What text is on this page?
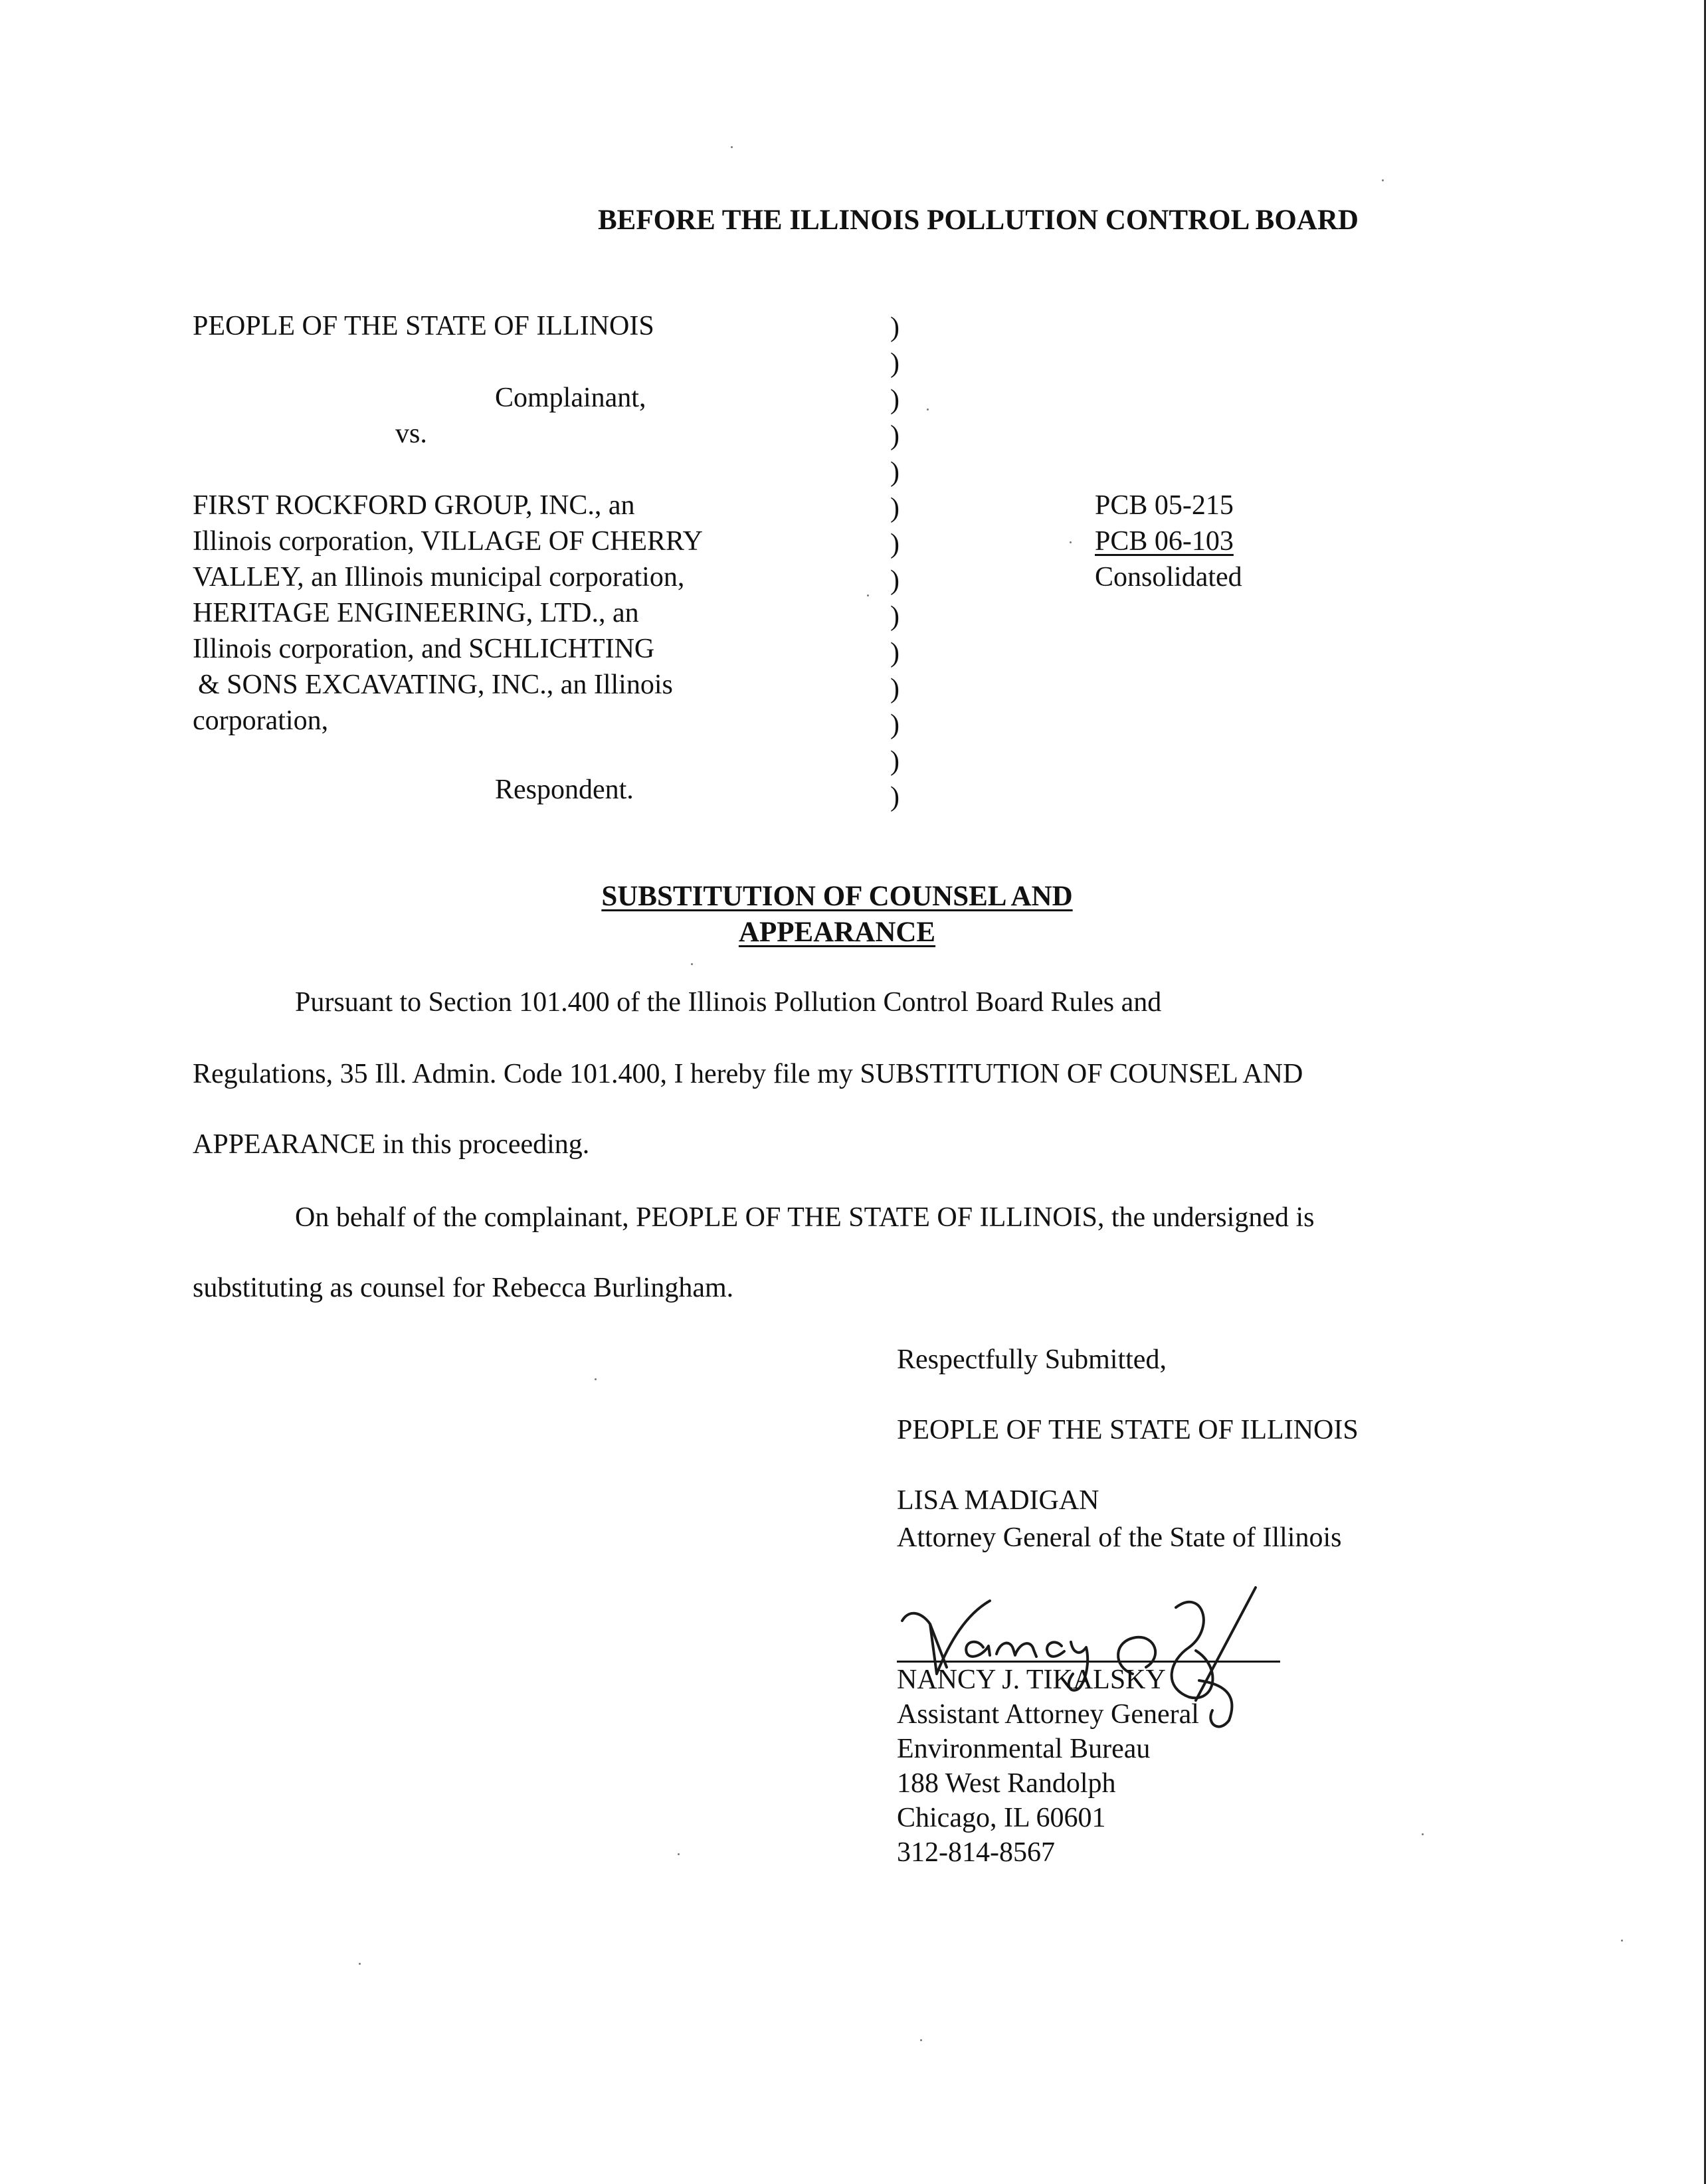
BEFORE THE ILLINOIS POLLUTION CONTROL BOARD
PEOPLE OF THE STATE OF ILLINOIS
Complainant,
vs.
FIRST ROCKFORD GROUP, INC., an
Illinois corporation, VILLAGE OF CHERRY
VALLEY, an Illinois municipal corporation,
HERITAGE ENGINEERING, LTD., an
Illinois corporation, and SCHLICHTING
& SONS EXCAVATING, INC., an Illinois
corporation,
Respondent.
)
)
)
)
)
)
)
)
)
)
)
)
)
)
PCB 05-215
PCB 06-103
Consolidated
SUBSTITUTION OF COUNSEL AND
APPEARANCE
Pursuant to Section 101.400 of the Illinois Pollution Control Board Rules and
Regulations, 35 Ill. Admin. Code 101.400, I hereby file my SUBSTITUTION OF COUNSEL AND
APPEARANCE in this proceeding.
On behalf of the complainant, PEOPLE OF THE STATE OF ILLINOIS, the undersigned is
substituting as counsel for Rebecca Burlingham.
Respectfully Submitted,
PEOPLE OF THE STATE OF ILLINOIS
LISA MADIGAN
Attorney General of the State of Illinois
NANCY J. TIKALSKY
Assistant Attorney General
Environmental Bureau
188 West Randolph
Chicago, IL 60601
312-814-8567
